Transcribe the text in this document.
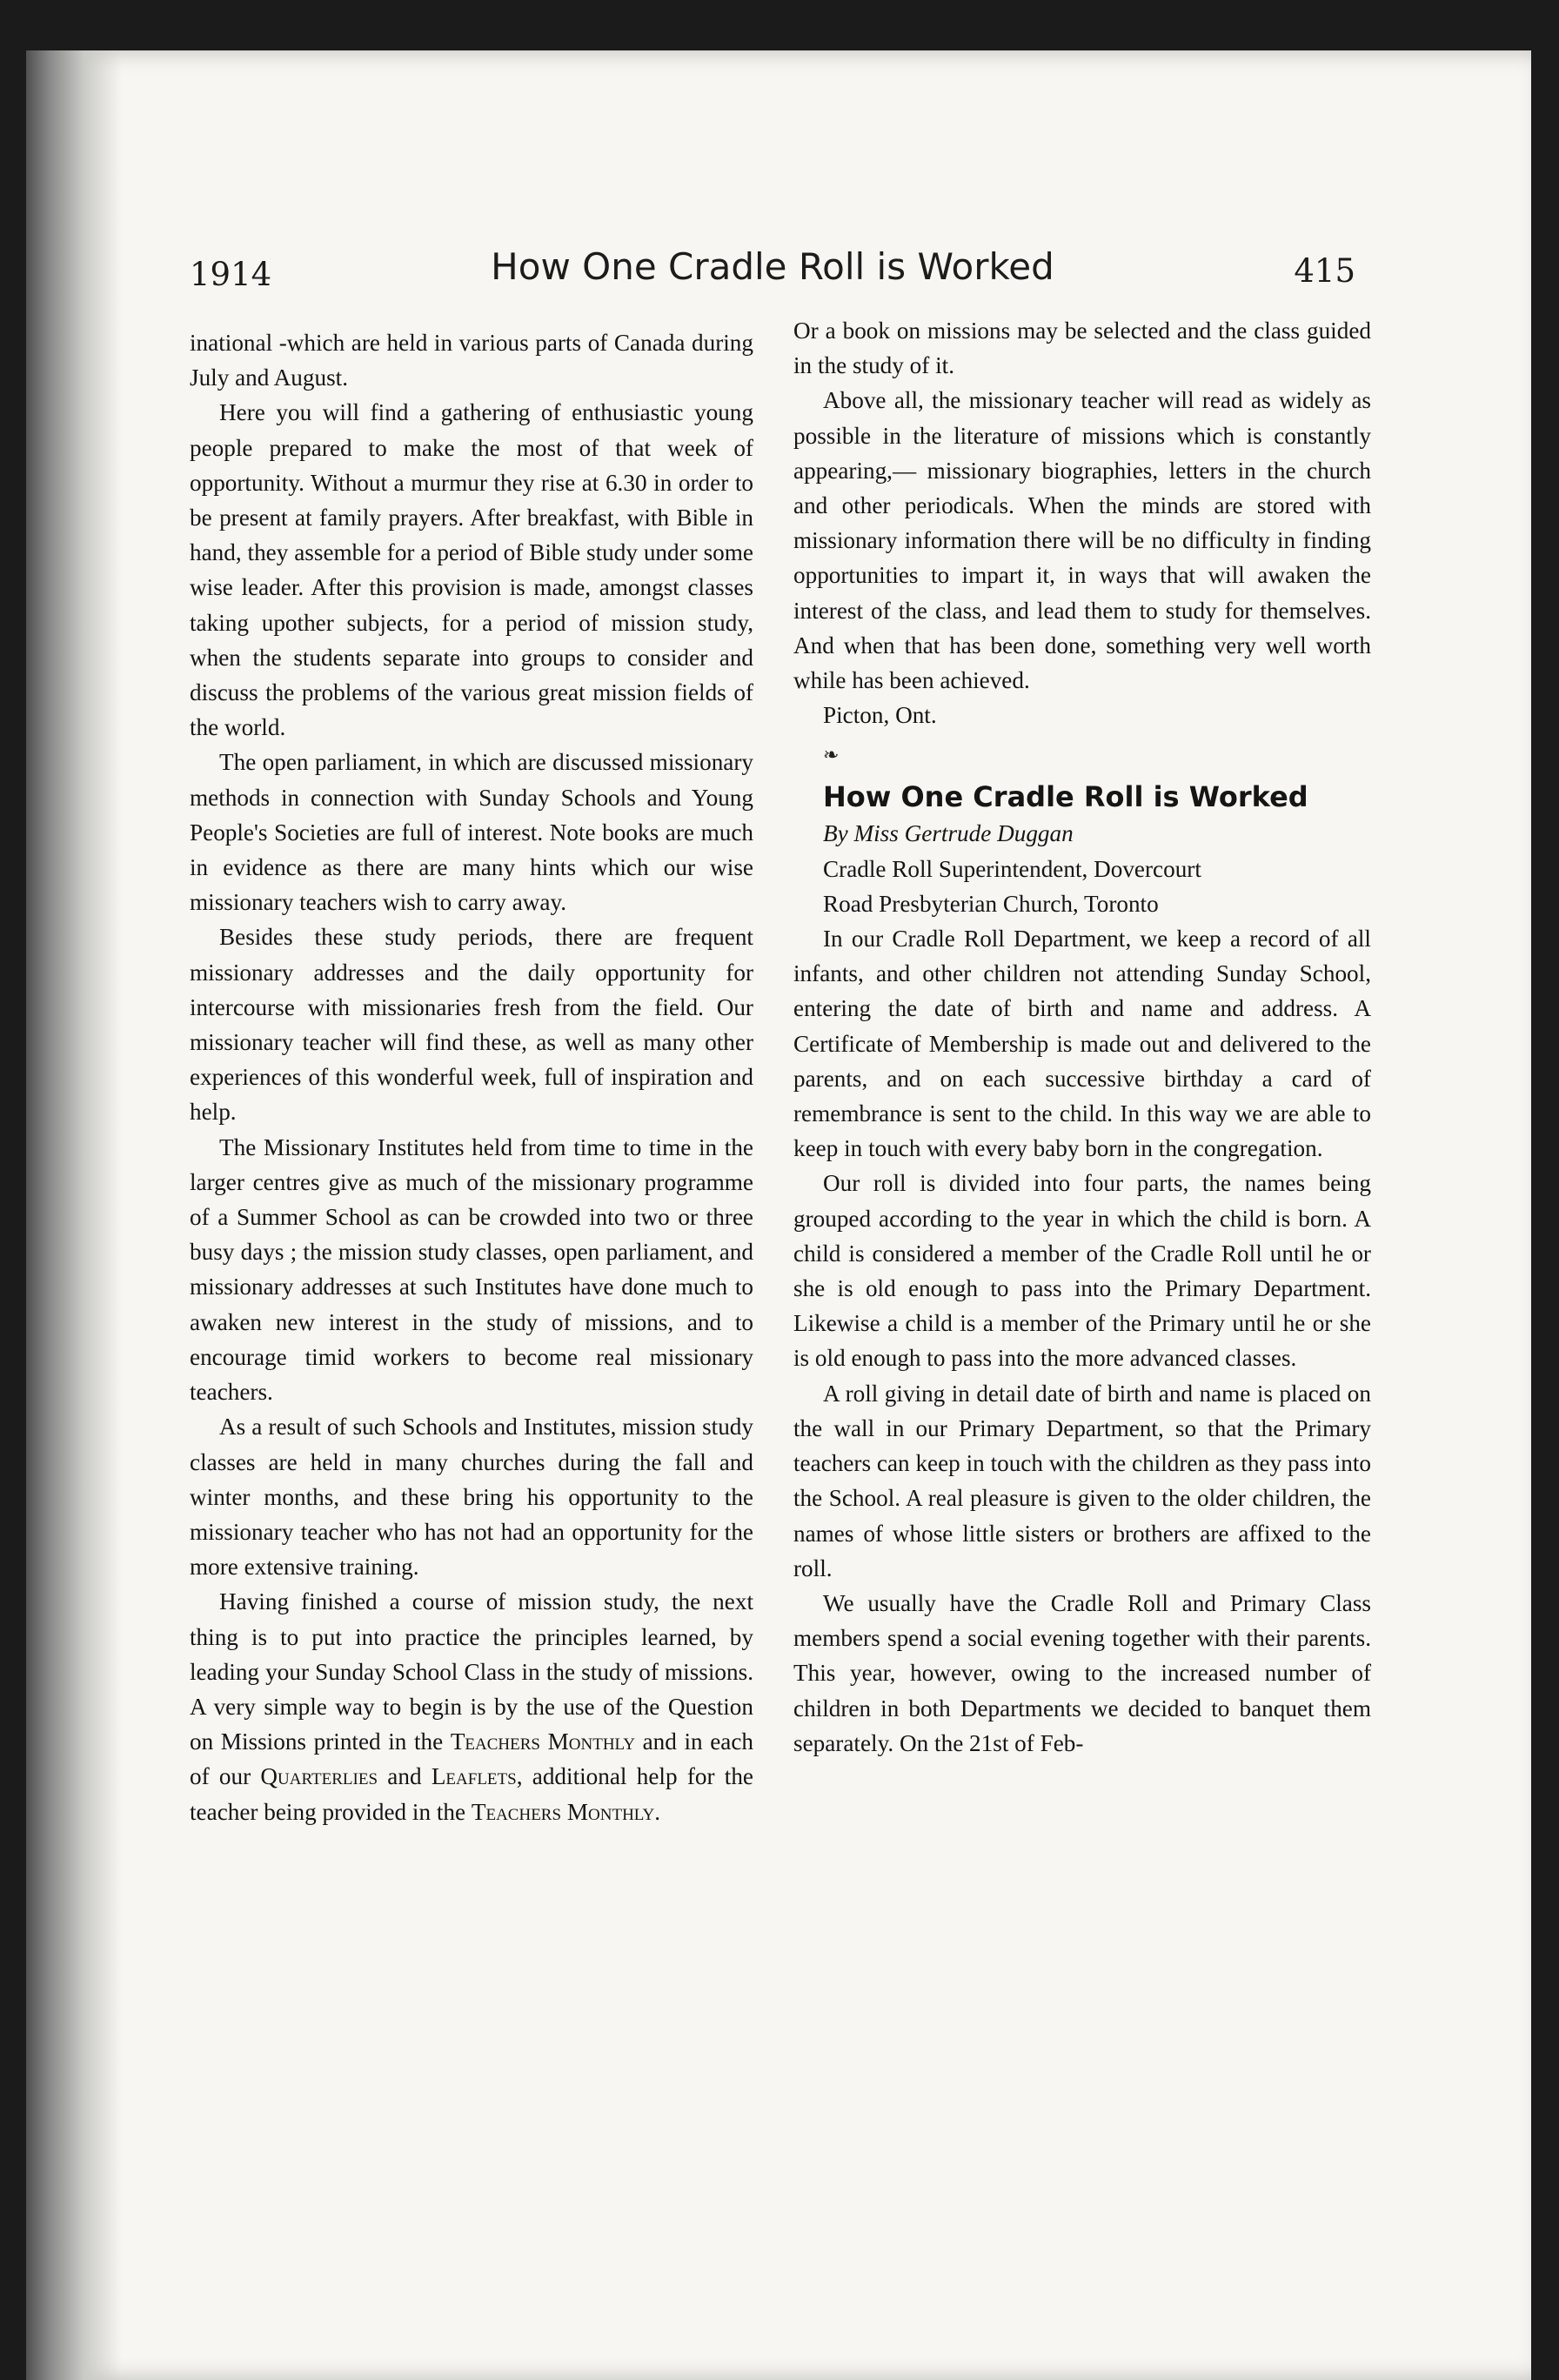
1914	How One Cradle Roll is Worked	415

inational -which are held in various parts of Canada during July and August.

Here you will find a gathering of enthusiastic young people prepared to make the most of that week of opportunity. Without a murmur they rise at 6.30 in order to be present at family prayers. After breakfast, with Bible in hand, they assemble for a period of Bible study under some wise leader. After this provision is made, amongst classes taking upother subjects, for a period of mission study, when the students separate into groups to consider and discuss the problems of the various great mission fields of the world.

The open parliament, in which are discussed missionary methods in connection with Sunday Schools and Young People's Societies are full of interest. Note books are much in evidence as there are many hints which our wise missionary teachers wish to carry away.

Besides these study periods, there are frequent missionary addresses and the daily opportunity for intercourse with missionaries fresh from the field. Our missionary teacher will find these, as well as many other experiences of this wonderful week, full of inspiration and help.

The Missionary Institutes held from time to time in the larger centres give as much of the missionary programme of a Summer School as can be crowded into two or three busy days ; the mission study classes, open parliament, and missionary addresses at such Institutes have done much to awaken new interest in the study of missions, and to encourage timid workers to become real missionary teachers.

As a result of such Schools and Institutes, mission study classes are held in many churches during the fall and winter months, and these bring his opportunity to the missionary teacher who has not had an opportunity for the more extensive training.

Having finished a course of mission study, the next thing is to put into practice the principles learned, by leading your Sunday School Class in the study of missions. A very simple way to begin is by the use of the Question on Missions printed in the Teachers Monthly and in each of our Quarterlies and Leaflets, additional help for the teacher being provided in the Teachers Monthly.

Or a book on missions may be selected and the class guided in the study of it.

Above all, the missionary teacher will read as widely as possible in the literature of missions which is constantly appearing,— missionary biographies, letters in the church and other periodicals. When the minds are stored with missionary information there will be no difficulty in finding opportunities to impart it, in ways that will awaken the interest of the class, and lead them to study for themselves. And when that has been done, something very well worth while has been achieved.

Picton, Ont.

❧

How One Cradle Roll is Worked

By Miss Gertrude Duggan

Cradle Roll Superintendent, Dovercourt

Road Presbyterian Church, Toronto

In our Cradle Roll Department, we keep a record of all infants, and other children not attending Sunday School, entering the date of birth and name and address. A Certificate of Membership is made out and delivered to the parents, and on each successive birthday a card of remembrance is sent to the child. In this way we are able to keep in touch with every baby born in the congregation.

Our roll is divided into four parts, the names being grouped according to the year in which the child is born. A child is considered a member of the Cradle Roll until he or she is old enough to pass into the Primary Department. Likewise a child is a member of the Primary until he or she is old enough to pass into the more advanced classes.

A roll giving in detail date of birth and name is placed on the wall in our Primary Department, so that the Primary teachers can keep in touch with the children as they pass into the School. A real pleasure is given to the older children, the names of whose little sisters or brothers are affixed to the roll.

We usually have the Cradle Roll and Primary Class members spend a social evening together with their parents. This year, however, owing to the increased number of children in both Departments we decided to banquet them separately. On the 21st of Feb-
